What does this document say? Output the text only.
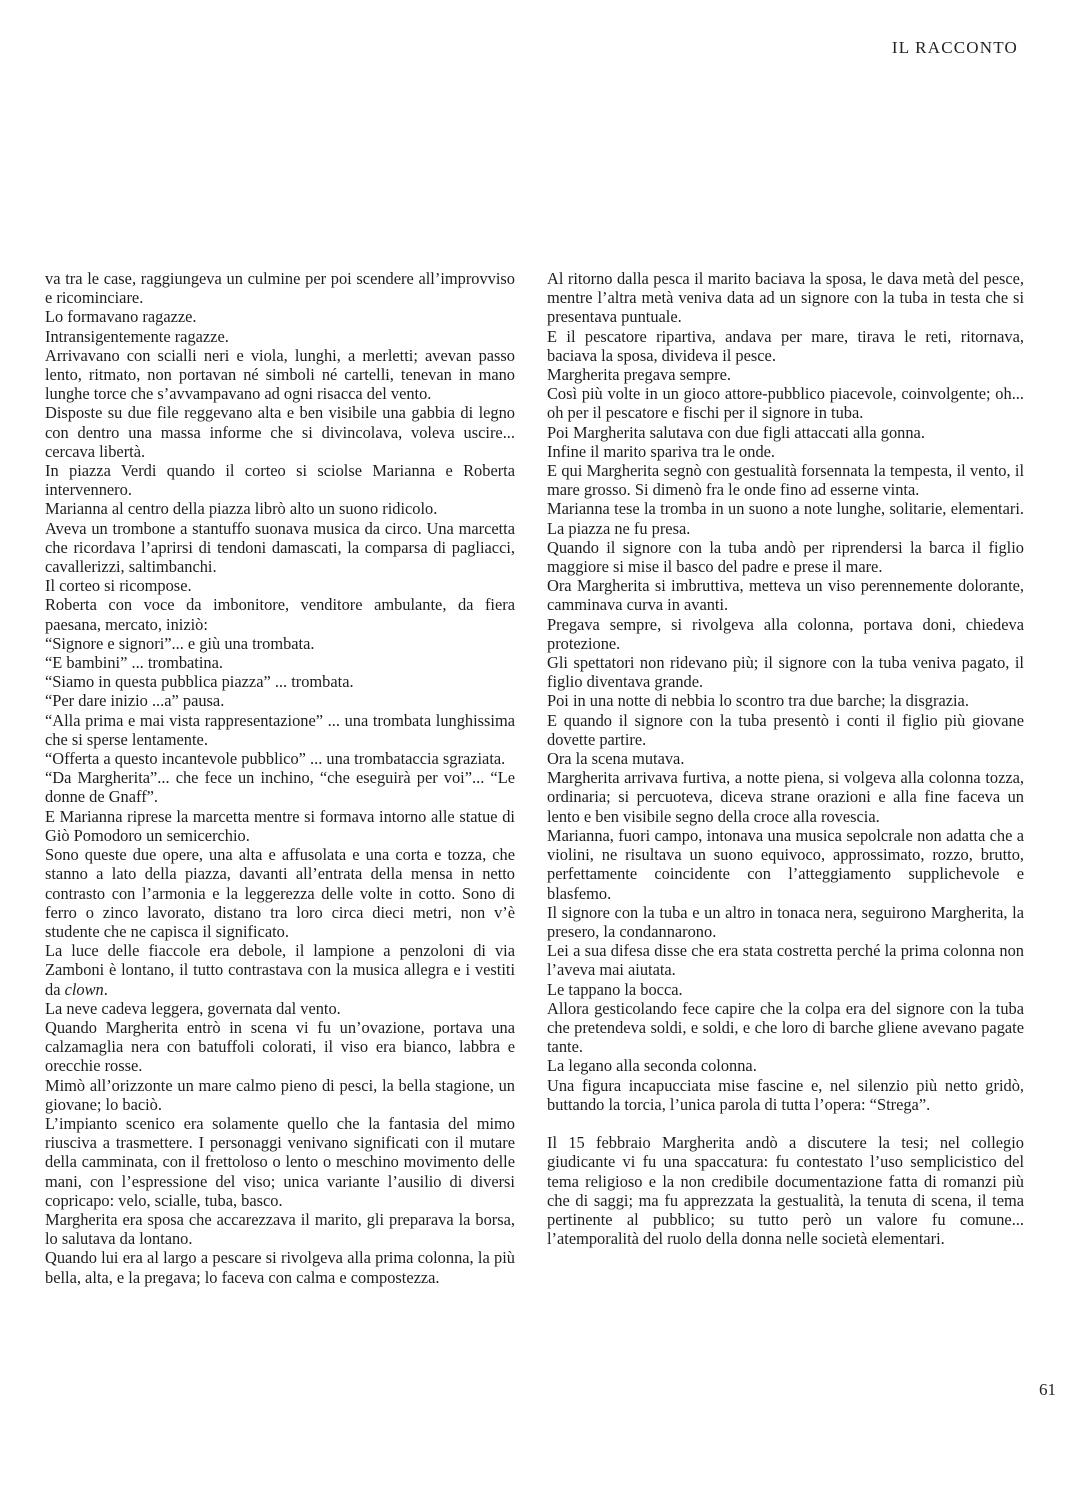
IL RACCONTO

va tra le case, raggiungeva un culmine per poi scendere all’improvviso e ricominciare.

Lo formavano ragazze.

Intransigentemente ragazze.

Arrivavano con scialli neri e viola, lunghi, a merletti; avevan passo lento, ritmato, non portavan né simboli né cartelli, tenevan in mano lunghe torce che s’avvampavano ad ogni risacca del vento.

Disposte su due file reggevano alta e ben visibile una gabbia di legno con dentro una massa informe che si divincolava, voleva uscire... cercava libertà.

In piazza Verdi quando il corteo si sciolse Marianna e Roberta intervennero.

Marianna al centro della piazza librò alto un suono ridicolo.

Aveva un trombone a stantuffo suonava musica da circo. Una marcetta che ricordava l’aprirsi di tendoni damascati, la comparsa di pagliacci, cavallerizzi, saltimbanchi.

Il corteo si ricompose.

Roberta con voce da imbonitore, venditore ambulante, da fiera paesana, mercato, iniziò:

“Signore e signori”... e giù una trombata.

“E bambini” ... trombatina.

“Siamo in questa pubblica piazza” ... trombata.

“Per dare inizio ...a” pausa.

“Alla prima e mai vista rappresentazione” ... una trombata lunghissima che si sperse lentamente.

“Offerta a questo incantevole pubblico” ... una trombataccia sgraziata.

“Da Margherita”... che fece un inchino, “che eseguirà per voi”... “Le donne de Gnaff”.

E Marianna riprese la marcetta mentre si formava intorno alle statue di Giò Pomodoro un semicerchio.

Sono queste due opere, una alta e affusolata e una corta e tozza, che stanno a lato della piazza, davanti all’entrata della mensa in netto contrasto con l’armonia e la leggerezza delle volte in cotto. Sono di ferro o zinco lavorato, distano tra loro circa dieci metri, non v’è studente che ne capisca il significato.

La luce delle fiaccole era debole, il lampione a penzoloni di via Zamboni è lontano, il tutto contrastava con la musica allegra e i vestiti da clown.

La neve cadeva leggera, governata dal vento.

Quando Margherita entrò in scena vi fu un’ovazione, portava una calzamaglia nera con batuffoli colorati, il viso era bianco, labbra e orecchie rosse.

Mimò all’orizzonte un mare calmo pieno di pesci, la bella stagione, un giovane; lo baciò.

L’impianto scenico era solamente quello che la fantasia del mimo riusciva a trasmettere. I personaggi venivano significati con il mutare della camminata, con il frettoloso o lento o meschino movimento delle mani, con l’espressione del viso; unica variante l’ausilio di diversi copricapo: velo, scialle, tuba, basco.

Margherita era sposa che accarezzava il marito, gli preparava la borsa, lo salutava da lontano.

Quando lui era al largo a pescare si rivolgeva alla prima colonna, la più bella, alta, e la pregava; lo faceva con calma e compostezza.

Al ritorno dalla pesca il marito baciava la sposa, le dava metà del pesce, mentre l’altra metà veniva data ad un signore con la tuba in testa che si presentava puntuale.

E il pescatore ripartiva, andava per mare, tirava le reti, ritornava, baciava la sposa, divideva il pesce.

Margherita pregava sempre.

Così più volte in un gioco attore-pubblico piacevole, coinvolgente; oh... oh per il pescatore e fischi per il signore in tuba.

Poi Margherita salutava con due figli attaccati alla gonna.

Infine il marito spariva tra le onde.

E qui Margherita segnò con gestualità forsennata la tempesta, il vento, il mare grosso. Si dimenò fra le onde fino ad esserne vinta.

Marianna tese la tromba in un suono a note lunghe, solitarie, elementari. La piazza ne fu presa.

Quando il signore con la tuba andò per riprendersi la barca il figlio maggiore si mise il basco del padre e prese il mare.

Ora Margherita si imbruttiva, metteva un viso perennemente dolorante, camminava curva in avanti.

Pregava sempre, si rivolgeva alla colonna, portava doni, chiedeva protezione.

Gli spettatori non ridevano più; il signore con la tuba veniva pagato, il figlio diventava grande.

Poi in una notte di nebbia lo scontro tra due barche; la disgrazia.

E quando il signore con la tuba presentò i conti il figlio più giovane dovette partire.

Ora la scena mutava.

Margherita arrivava furtiva, a notte piena, si volgeva alla colonna tozza, ordinaria; si percuoteva, diceva strane orazioni e alla fine faceva un lento e ben visibile segno della croce alla rovescia.

Marianna, fuori campo, intonava una musica sepolcrale non adatta che a violini, ne risultava un suono equivoco, approssimato, rozzo, brutto, perfettamente coincidente con l’atteggiamento supplichevole e blasfemo.

Il signore con la tuba e un altro in tonaca nera, seguirono Margherita, la presero, la condannarono.

Lei a sua difesa disse che era stata costretta perché la prima colonna non l’aveva mai aiutata.

Le tappano la bocca.

Allora gesticolando fece capire che la colpa era del signore con la tuba che pretendeva soldi, e soldi, e che loro di barche gliene avevano pagate tante.

La legano alla seconda colonna.

Una figura incapucciata mise fascine e, nel silenzio più netto gridò, buttando la torcia, l’unica parola di tutta l’opera: “Strega”.

Il 15 febbraio Margherita andò a discutere la tesi; nel collegio giudicante vi fu una spaccatura: fu contestato l’uso semplicistico del tema religioso e la non credibile documentazione fatta di romanzi più che di saggi; ma fu apprezzata la gestualità, la tenuta di scena, il tema pertinente al pubblico; su tutto però un valore fu comune... l’atemporalità del ruolo della donna nelle società elementari.

61
